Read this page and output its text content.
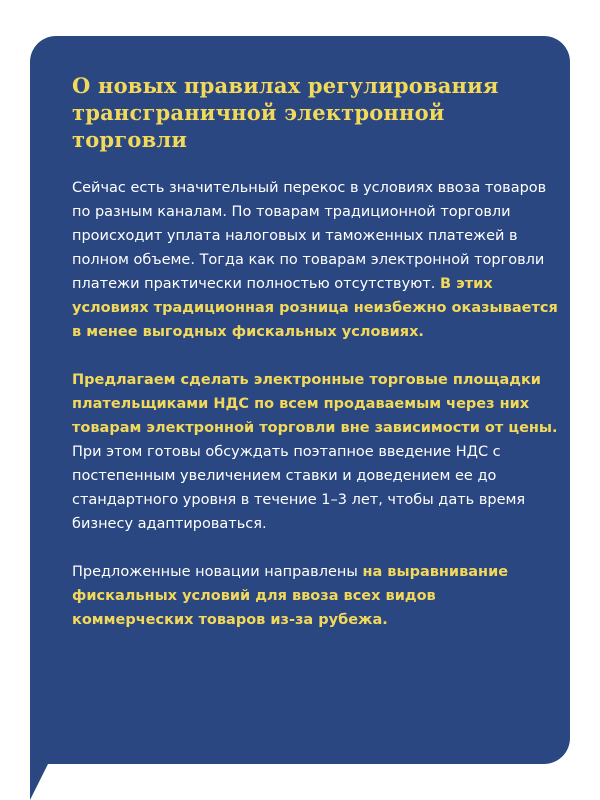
О новых правилах регулирования трансграничной электронной торговли

Сейчас есть значительный перекос в условиях ввоза товаров по разным каналам. По товарам традиционной торговли происходит уплата налоговых и таможенных платежей в полном объеме. Тогда как по товарам электронной торговли платежи практически полностью отсутствуют. В этих условиях традиционная розница неизбежно оказывается в менее выгодных фискальных условиях.

Предлагаем сделать электронные торговые площадки плательщиками НДС по всем продаваемым через них товарам электронной торговли вне зависимости от цены. При этом готовы обсуждать поэтапное введение НДС с постепенным увеличением ставки и доведением ее до стандартного уровня в течение 1–3 лет, чтобы дать время бизнесу адаптироваться.

Предложенные новации направлены на выравнивание фискальных условий для ввоза всех видов коммерческих товаров из-за рубежа.
